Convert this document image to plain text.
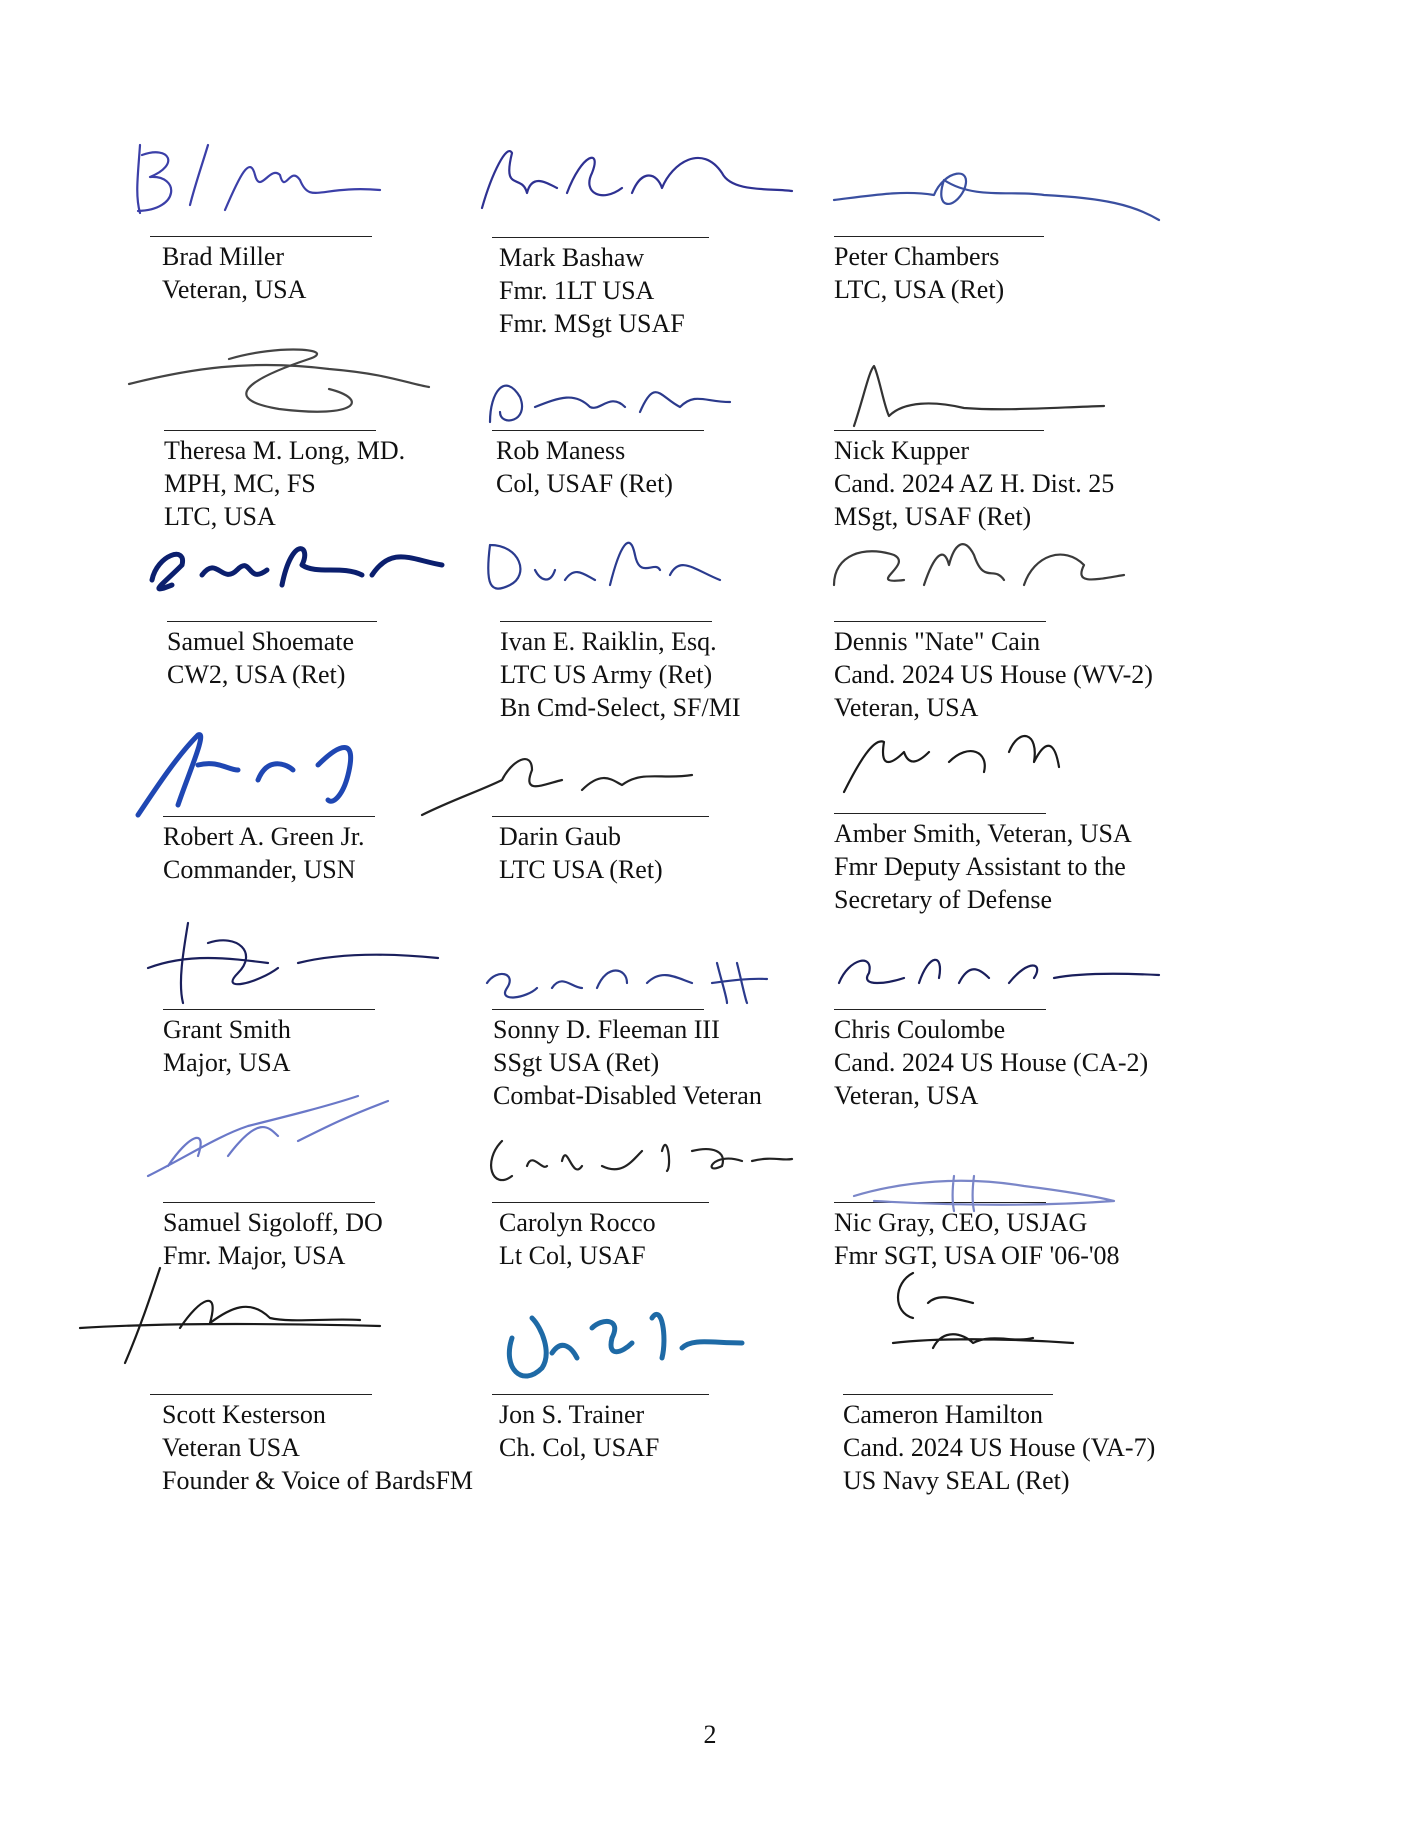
Brad Miller
Veteran, USA
Mark Bashaw
Fmr. 1LT USA
Fmr. MSgt USAF
Peter Chambers
LTC, USA (Ret)
Theresa M. Long, MD.
MPH, MC, FS
LTC, USA
Rob Maness
Col, USAF (Ret)
Nick Kupper
Cand. 2024 AZ H. Dist. 25
MSgt, USAF (Ret)
Samuel Shoemate
CW2, USA (Ret)
Ivan E. Raiklin, Esq.
LTC US Army (Ret)
Bn Cmd-Select, SF/MI
Dennis "Nate" Cain
Cand. 2024 US House (WV-2)
Veteran, USA
Robert A. Green Jr.
Commander, USN
Darin Gaub
LTC USA (Ret)
Amber Smith, Veteran, USA
Fmr Deputy Assistant to the
Secretary of Defense
Grant Smith
Major, USA
Sonny D. Fleeman III
SSgt USA (Ret)
Combat-Disabled Veteran
Chris Coulombe
Cand. 2024 US House (CA-2)
Veteran, USA
Samuel Sigoloff, DO
Fmr. Major, USA
Carolyn Rocco
Lt Col, USAF
Nic Gray, CEO, USJAG
Fmr SGT, USA OIF '06-'08
Scott Kesterson
Veteran USA
Founder & Voice of BardsFM
Jon S. Trainer
Ch. Col, USAF
Cameron Hamilton
Cand. 2024 US House (VA-7)
US Navy SEAL (Ret)
2
